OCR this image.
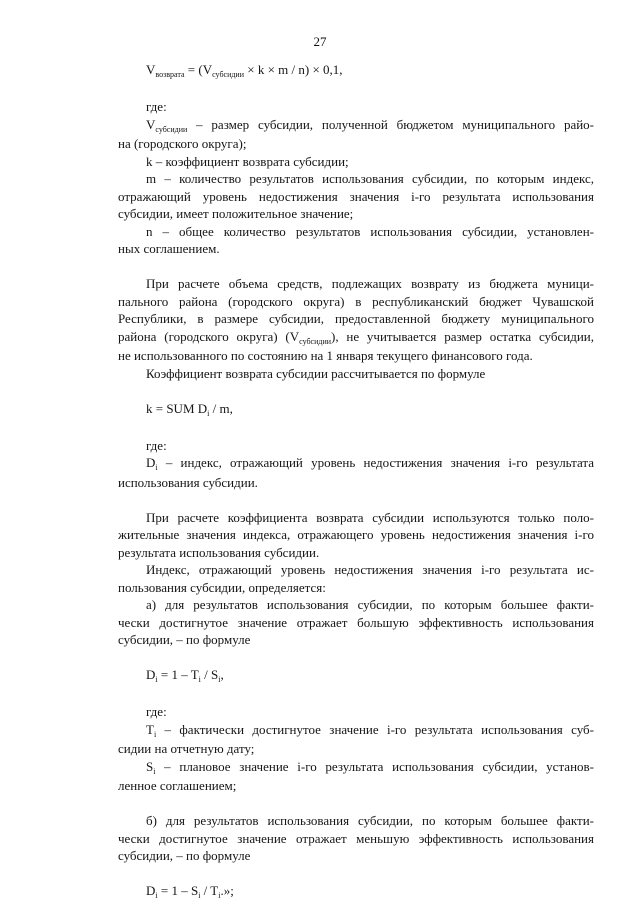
27
$V_{возврата} = (V_{субсидии} \times k \times m / n) \times 0,1$,
где:
$V_{субсидии}$ – размер субсидии, полученной бюджетом муниципального райо-
на (городского округа);
k – коэффициент возврата субсидии;
m – количество результатов использования субсидии, по которым индекс,
отражающий уровень недостижения значения i-го результата использования
субсидии, имеет положительное значение;
n – общее количество результатов использования субсидии, установлен-
ных соглашением.
При расчете объема средств, подлежащих возврату из бюджета муници-
пального района (городского округа) в республиканский бюджет Чувашской
Республики, в размере субсидии, предоставленной бюджету муниципального
района (городского округа) $(V_{субсидии})$, не учитывается размер остатка субсидии,
не использованного по состоянию на 1 января текущего финансового года.
Коэффициент возврата субсидии рассчитывается по формуле
k = SUM $D_i$ / m,
где:
$D_i$ – индекс, отражающий уровень недостижения значения i-го результата
использования субсидии.
При расчете коэффициента возврата субсидии используются только поло-
жительные значения индекса, отражающего уровень недостижения значения i-го
результата использования субсидии.
Индекс, отражающий уровень недостижения значения i-го результата ис-
пользования субсидии, определяется:
а) для результатов использования субсидии, по которым большее факти-
чески достигнутое значение отражает большую эффективность использования
субсидии, – по формуле
$D_i = 1 - T_i / S_i$,
где:
$T_i$ – фактически достигнутое значение i-го результата использования суб-
сидии на отчетную дату;
$S_i$ – плановое значение i-го результата использования субсидии, установ-
ленное соглашением;
б) для результатов использования субсидии, по которым большее факти-
чески достигнутое значение отражает меньшую эффективность использования
субсидии, – по формуле
$D_i = 1 - S_i / T_i$.»;
